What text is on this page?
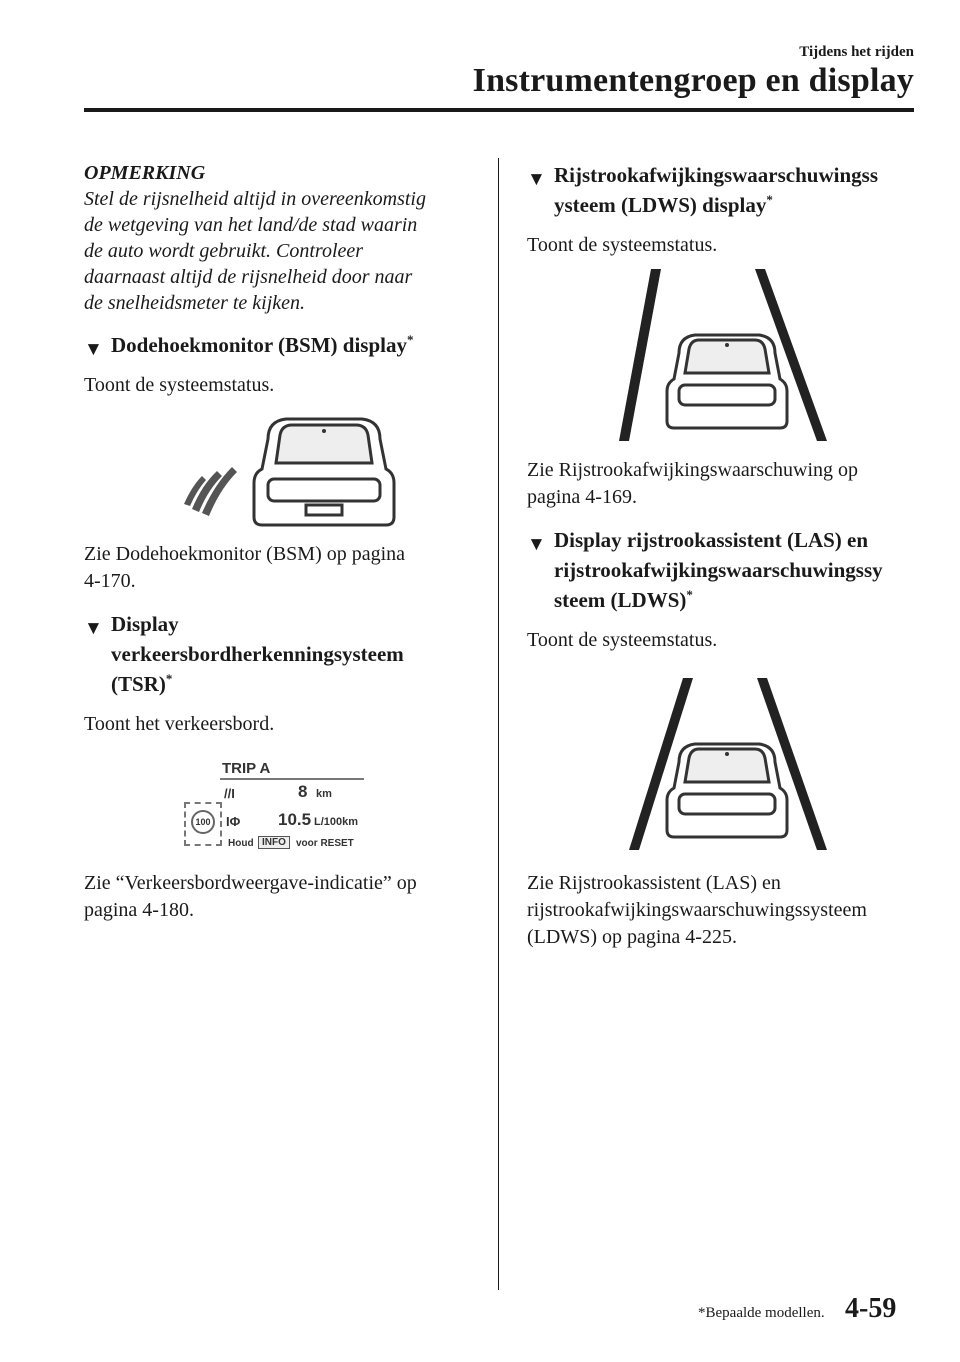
Tijdens het rijden
Instrumentengroep en display
OPMERKING
Stel de rijsnelheid altijd in overeenkomstig
de wetgeving van het land/de stad waarin
de auto wordt gebruikt. Controleer
daarnaast altijd de rijsnelheid door naar
de snelheidsmeter te kijken.
▼ Dodehoekmonitor (BSM) display*
Toont de systeemstatus.
Zie Dodehoekmonitor (BSM) op pagina
4-170.
▼ Display
verkeersbordherkenningsysteem
(TSR)*
Toont het verkeersbord.
TRIP A
//I	8 km
100	IΦ 10.5 L/100km
Houd INFO	voor RESET
Zie “Verkeersbordweergave-indicatie” op
pagina 4-180.
▼ Rijstrookafwijkingswaarschuwingss
ysteem (LDWS) display*
Toont de systeemstatus.
Zie Rijstrookafwijkingswaarschuwing op
pagina 4-169.
▼ Display rijstrookassistent (LAS) en
rijstrookafwijkingswaarschuwingssy
steem (LDWS)*
Toont de systeemstatus.
Zie Rijstrookassistent (LAS) en
rijstrookafwijkingswaarschuwingssysteem
(LDWS) op pagina 4-225.
*Bepaalde modellen. 4-59
